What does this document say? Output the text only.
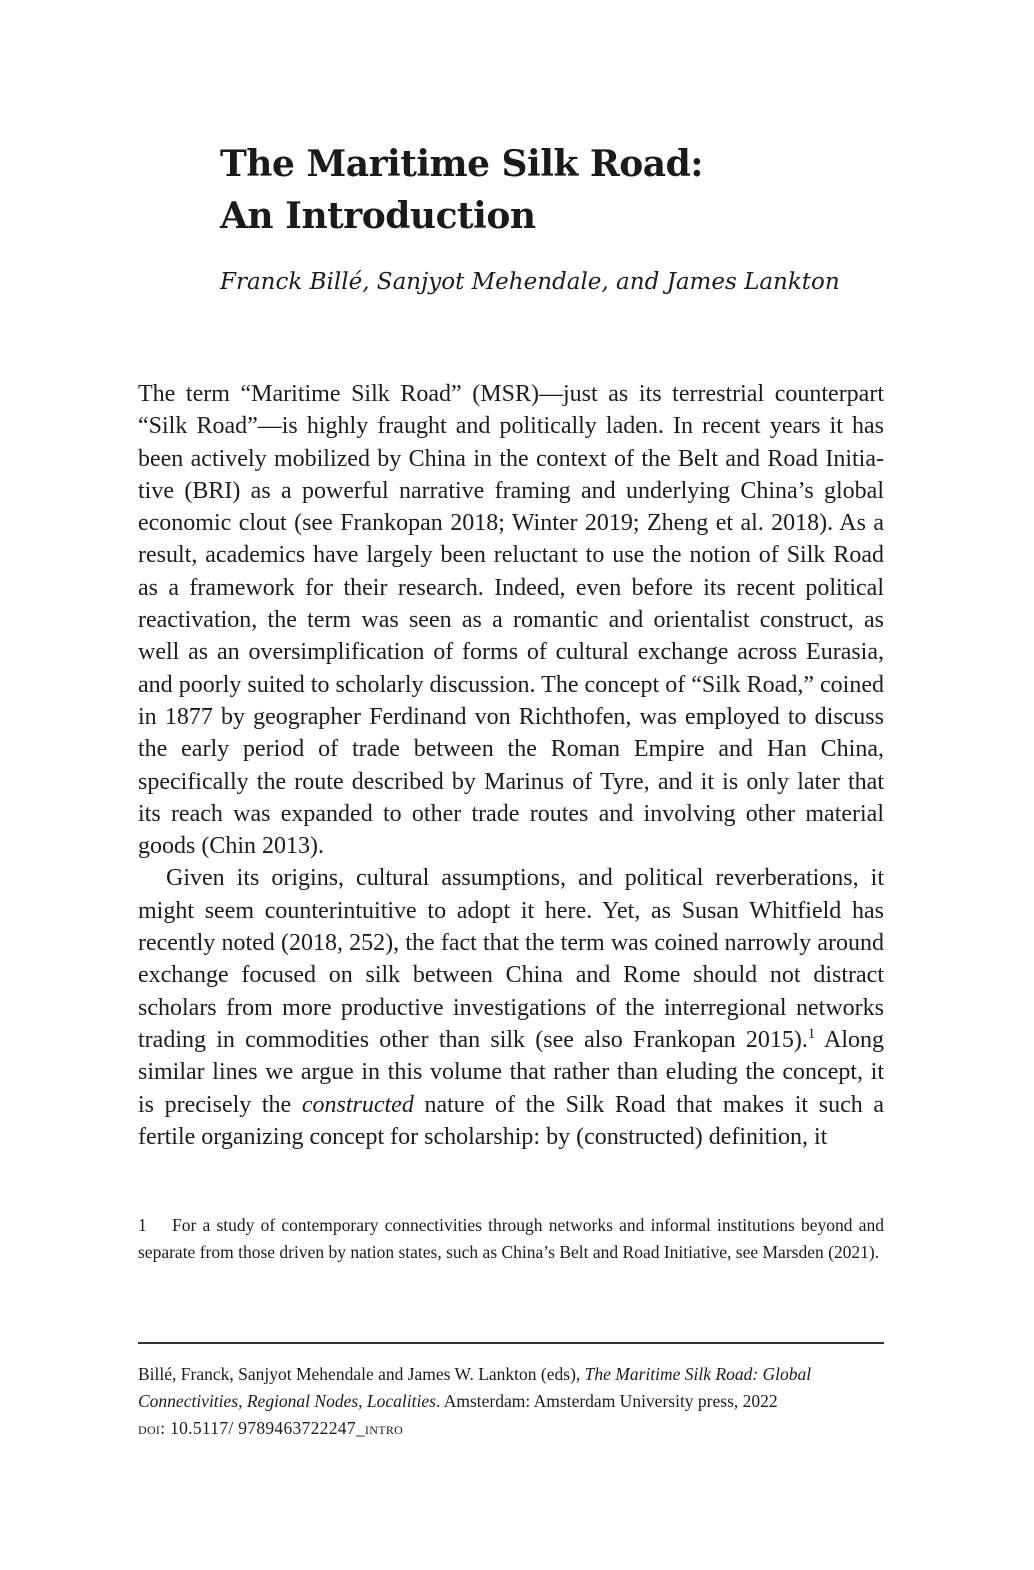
The Maritime Silk Road:
An Introduction

Franck Billé, Sanjyot Mehendale, and James Lankton

The term “Maritime Silk Road” (MSR)—just as its terrestrial counterpart “Silk Road”—is highly fraught and politically laden. In recent years it has been actively mobilized by China in the context of the Belt and Road Initiative (BRI) as a powerful narrative framing and underlying China’s global economic clout (see Frankopan 2018; Winter 2019; Zheng et al. 2018). As a result, academics have largely been reluctant to use the notion of Silk Road as a framework for their research. Indeed, even before its recent political reactivation, the term was seen as a romantic and orientalist construct, as well as an oversimplification of forms of cultural exchange across Eurasia, and poorly suited to scholarly discussion. The concept of “Silk Road,” coined in 1877 by geographer Ferdinand von Richthofen, was employed to discuss the early period of trade between the Roman Empire and Han China, specifically the route described by Marinus of Tyre, and it is only later that its reach was expanded to other trade routes and involving other material goods (Chin 2013).

Given its origins, cultural assumptions, and political reverberations, it might seem counterintuitive to adopt it here. Yet, as Susan Whitfield has recently noted (2018, 252), the fact that the term was coined narrowly around exchange focused on silk between China and Rome should not distract scholars from more productive investigations of the interregional networks trading in commodities other than silk (see also Frankopan 2015).$^1$ Along similar lines we argue in this volume that rather than eluding the concept, it is precisely the constructed nature of the Silk Road that makes it such a fertile organizing concept for scholarship: by (constructed) definition, it

1 For a study of contemporary connectivities through networks and informal institutions beyond and separate from those driven by nation states, such as China’s Belt and Road Initiative, see Marsden (2021).
Billé, Franck, Sanjyot Mehendale and James W. Lankton (eds), The Maritime Silk Road: Global Connectivities, Regional Nodes, Localities. Amsterdam: Amsterdam University press, 2022
doi: 10.5117/ 9789463722247_intro
